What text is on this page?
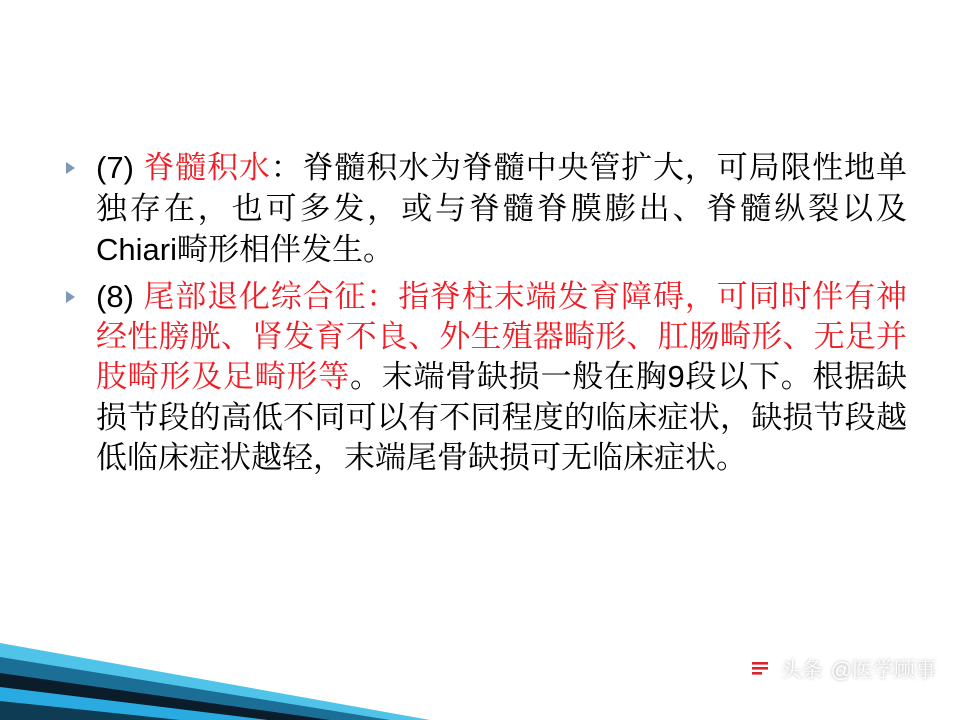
(7) 脊髓积水：脊髓积水为脊髓中央管扩大，可局限性地单独存在，也可多发，或与脊髓脊膜膨出、脊髓纵裂以及Chiari畸形相伴发生。
(8) 尾部退化综合征：指脊柱末端发育障碍，可同时伴有神经性膀胱、肾发育不良、外生殖器畸形、肛肠畸形、无足并肢畸形及足畸形等。末端骨缺损一般在胸9段以下。根据缺损节段的高低不同可以有不同程度的临床症状，缺损节段越低临床症状越轻，末端尾骨缺损可无临床症状。
头条 @医学顾事
